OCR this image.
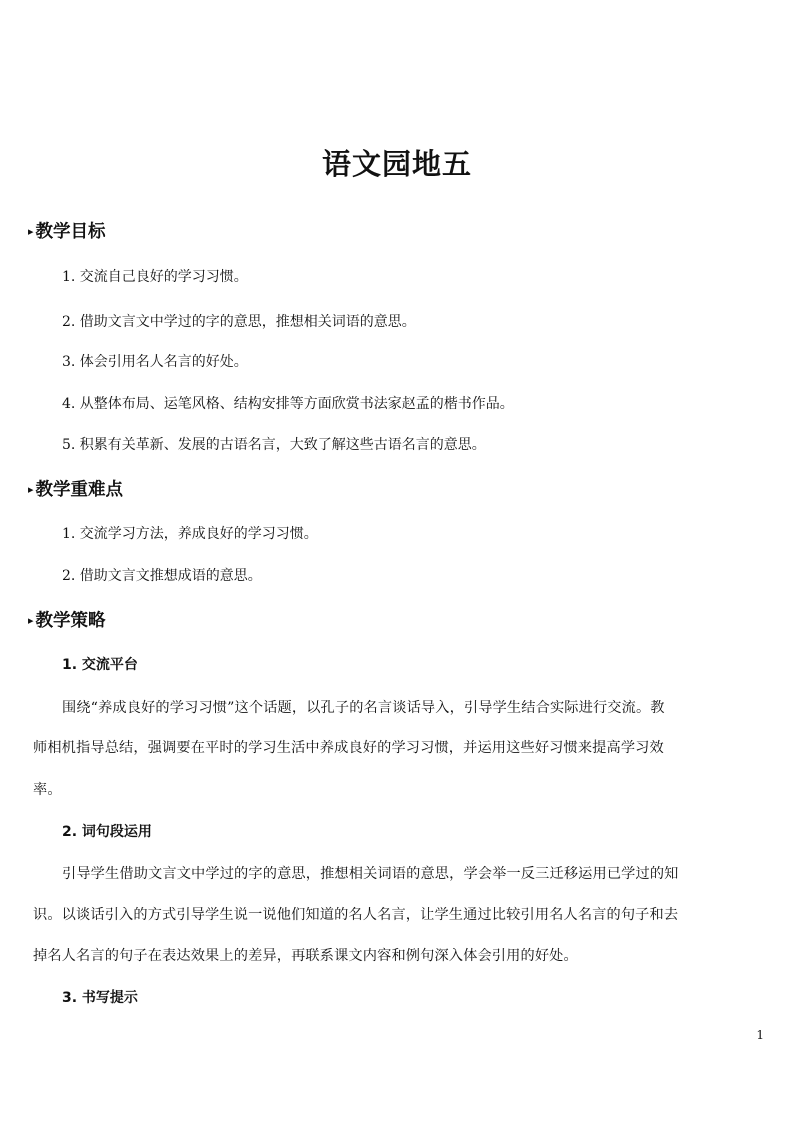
语文园地五
▸ 教学目标
1. 交流自己良好的学习习惯。
2. 借助文言文中学过的字的意思，推想相关词语的意思。
3. 体会引用名人名言的好处。
4. 从整体布局、运笔风格、结构安排等方面欣赏书法家赵孟的楷书作品。
5. 积累有关革新、发展的古语名言，大致了解这些古语名言的意思。
▸ 教学重难点
1. 交流学习方法，养成良好的学习习惯。
2. 借助文言文推想成语的意思。
▸ 教学策略
1. 交流平台
围绕“养成良好的学习习惯”这个话题，以孔子的名言谈话导入，引导学生结合实际进行交流。教
师相机指导总结，强调要在平时的学习生活中养成良好的学习习惯，并运用这些好习惯来提高学习效
率。
2. 词句段运用
引导学生借助文言文中学过的字的意思，推想相关词语的意思，学会举一反三迁移运用已学过的知
识。以谈话引入的方式引导学生说一说他们知道的名人名言，让学生通过比较引用名人名言的句子和去
掉名人名言的句子在表达效果上的差异，再联系课文内容和例句深入体会引用的好处。
3. 书写提示
1
